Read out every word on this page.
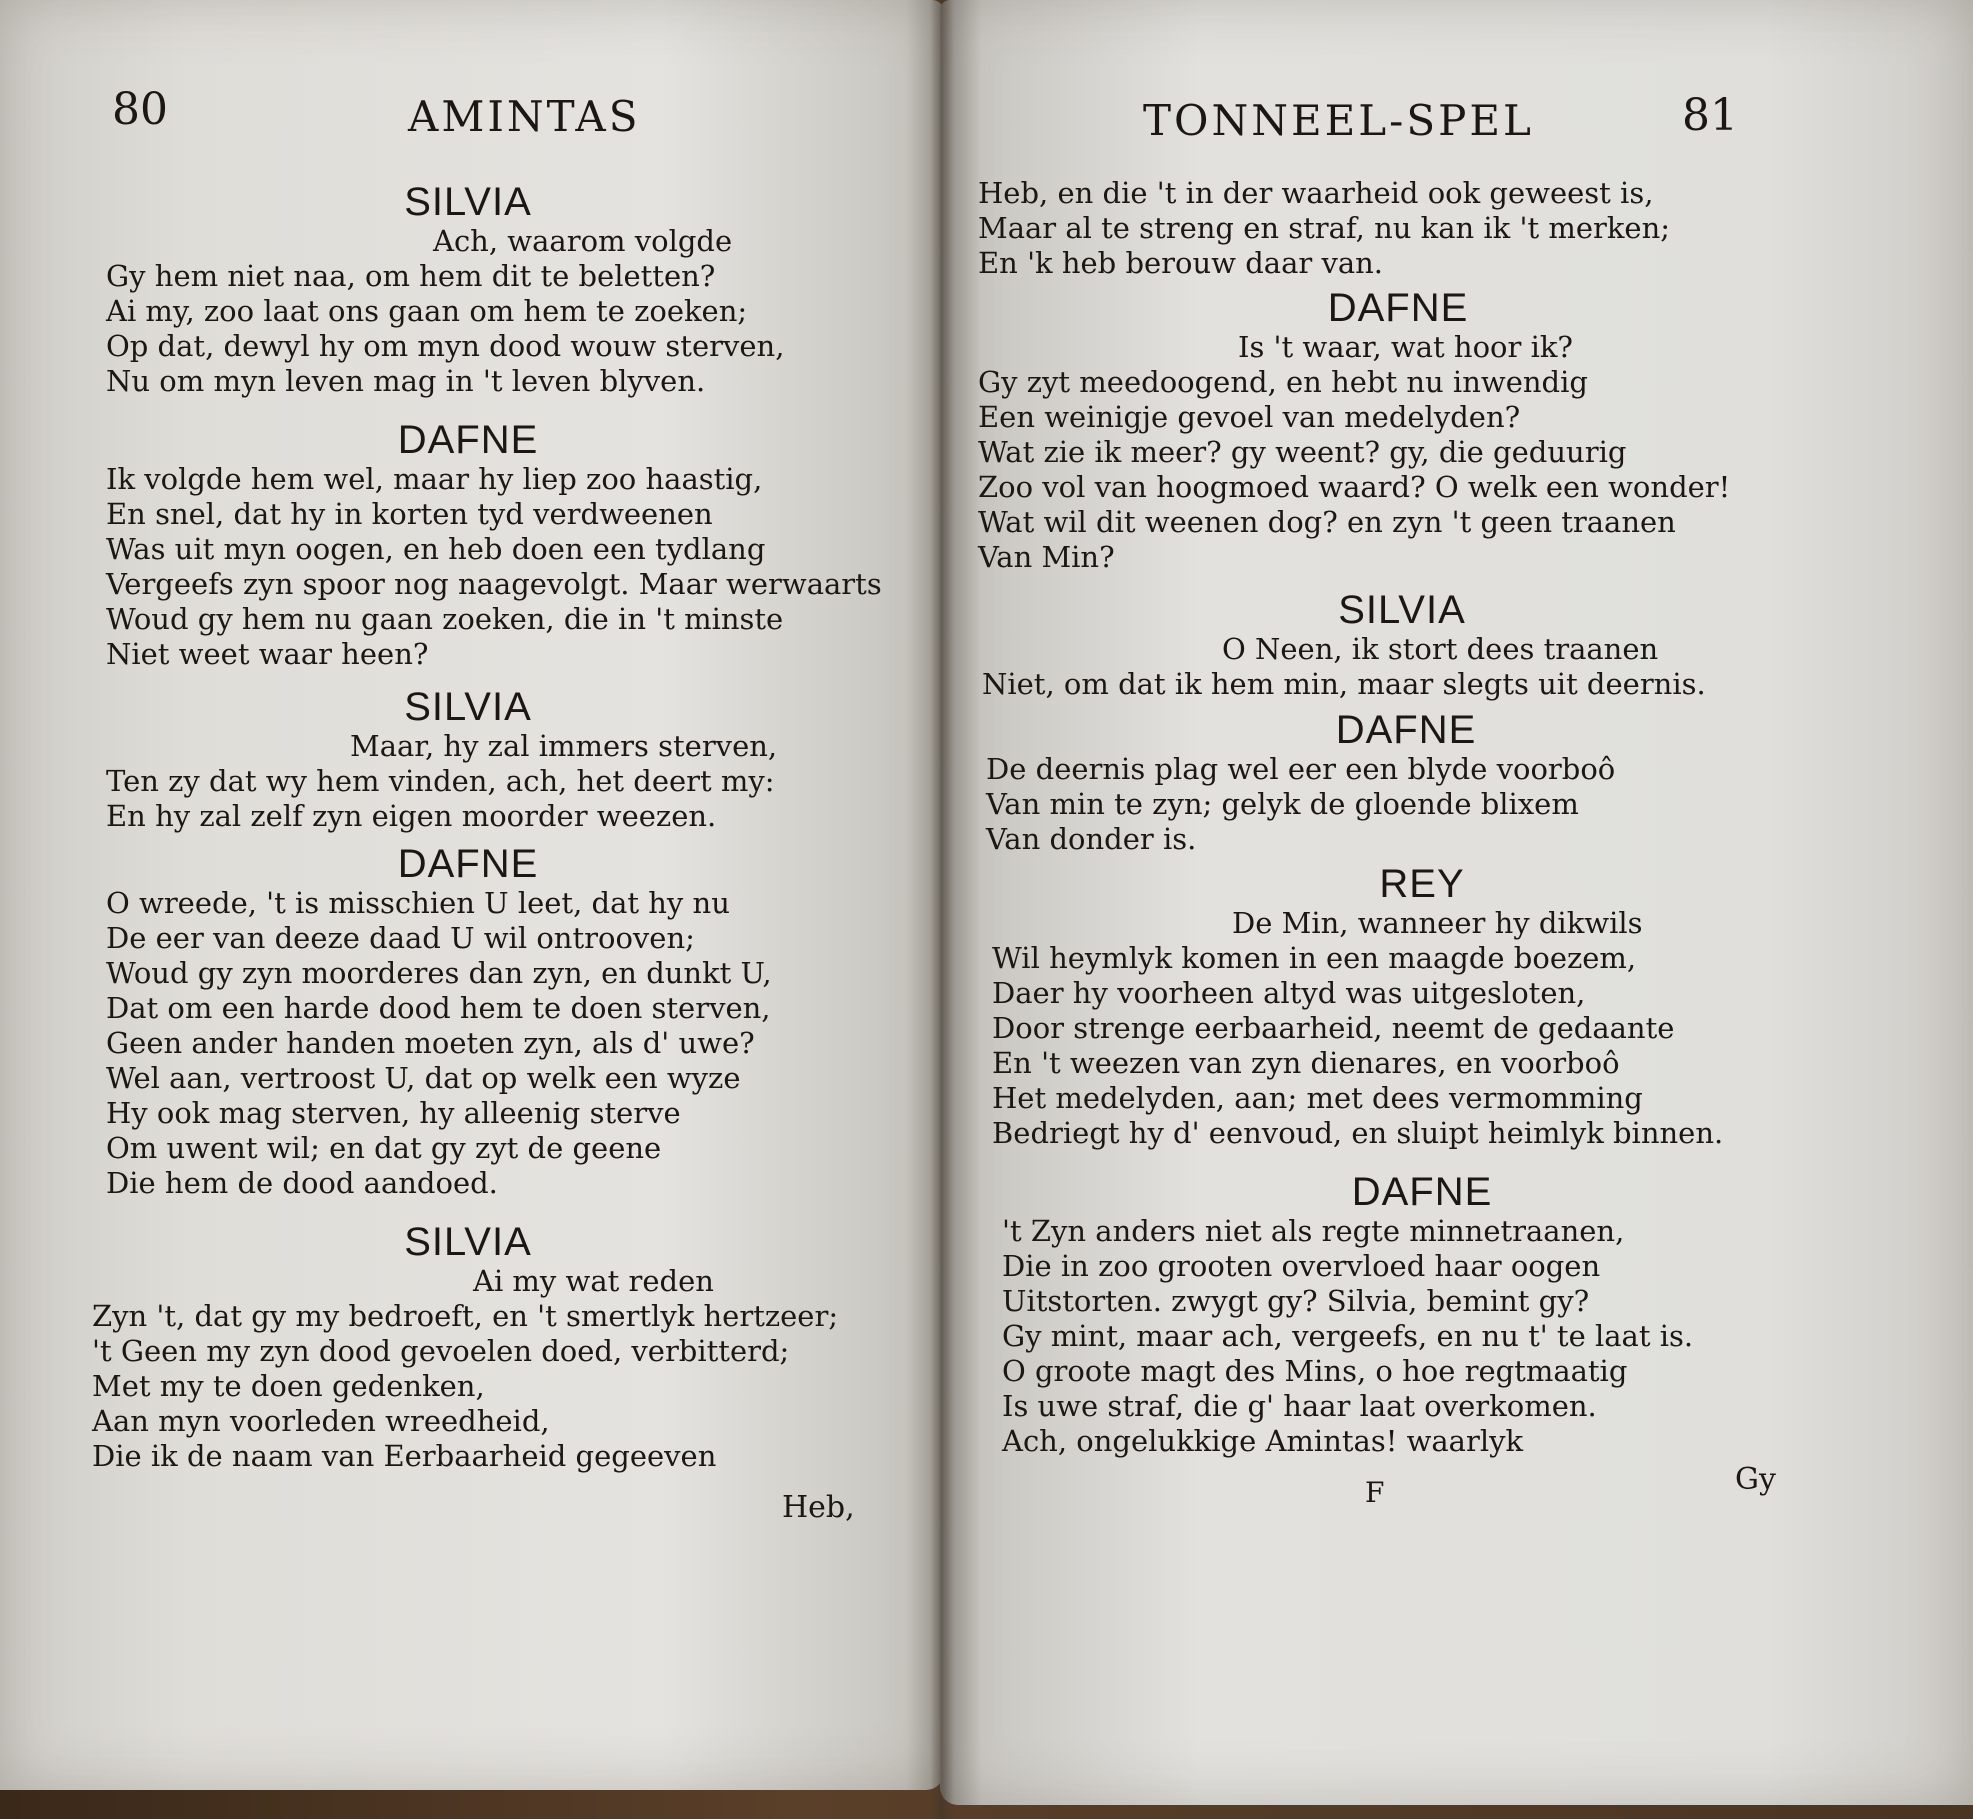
80	AMINTAS
SILVIA
Ach, waarom volgde
Gy hem niet naa, om hem dit te beletten?
Ai my, zoo laat ons gaan om hem te zoeken;
Op dat, dewyl hy om myn dood wouw sterven,
Nu om myn leven mag in 't leven blyven.
DAFNE
Ik volgde hem wel, maar hy liep zoo haastig,
En snel, dat hy in korten tyd verdweenen
Was uit myn oogen, en heb doen een tydlang
Vergeefs zyn spoor nog naagevolgt. Maar werwaarts
Woud gy hem nu gaan zoeken, die in 't minste
Niet weet waar heen?
SILVIA
Maar, hy zal immers sterven,
Ten zy dat wy hem vinden, ach, het deert my:
En hy zal zelf zyn eigen moorder weezen.
DAFNE
O wreede, 't is misschien U leet, dat hy nu
De eer van deeze daad U wil ontrooven;
Woud gy zyn moorderes dan zyn, en dunkt U,
Dat om een harde dood hem te doen sterven,
Geen ander handen moeten zyn, als d' uwe?
Wel aan, vertroost U, dat op welk een wyze
Hy ook mag sterven, hy alleenig sterve
Om uwent wil; en dat gy zyt de geene
Die hem de dood aandoed.
SILVIA
Ai my wat reden
Zyn 't, dat gy my bedroeft, en 't smertlyk hertzeer;
't Geen my zyn dood gevoelen doed, verbitterd;
Met my te doen gedenken,
Aan myn voorleden wreedheid,
Die ik de naam van Eerbaarheid gegeeven
Heb,
TONNEEL-SPEL	81
Heb, en die 't in der waarheid ook geweest is,
Maar al te streng en straf, nu kan ik 't merken;
En 'k heb berouw daar van.
DAFNE
Is 't waar, wat hoor ik?
Gy zyt meedoogend, en hebt nu inwendig
Een weinigje gevoel van medelyden?
Wat zie ik meer? gy weent? gy, die geduurig
Zoo vol van hoogmoed waard? O welk een wonder!
Wat wil dit weenen dog? en zyn 't geen traanen
Van Min?
SILVIA
O Neen, ik stort dees traanen
Niet, om dat ik hem min, maar slegts uit deernis.
DAFNE
De deernis plag wel eer een blyde voorboô
Van min te zyn; gelyk de gloende blixem
Van donder is.
REY
De Min, wanneer hy dikwils
Wil heymlyk komen in een maagde boezem,
Daer hy voorheen altyd was uitgesloten,
Door strenge eerbaarheid, neemt de gedaante
En 't weezen van zyn dienares, en voorboô
Het medelyden, aan; met dees vermomming
Bedriegt hy d' eenvoud, en sluipt heimlyk binnen.
DAFNE
't Zyn anders niet als regte minnetraanen,
Die in zoo grooten overvloed haar oogen
Uitstorten. zwygt gy? Silvia, bemint gy?
Gy mint, maar ach, vergeefs, en nu t' te laat is.
O groote magt des Mins, o hoe regtmaatig
Is uwe straf, die g' haar laat overkomen.
Ach, ongelukkige Amintas! waarlyk
F	Gy
